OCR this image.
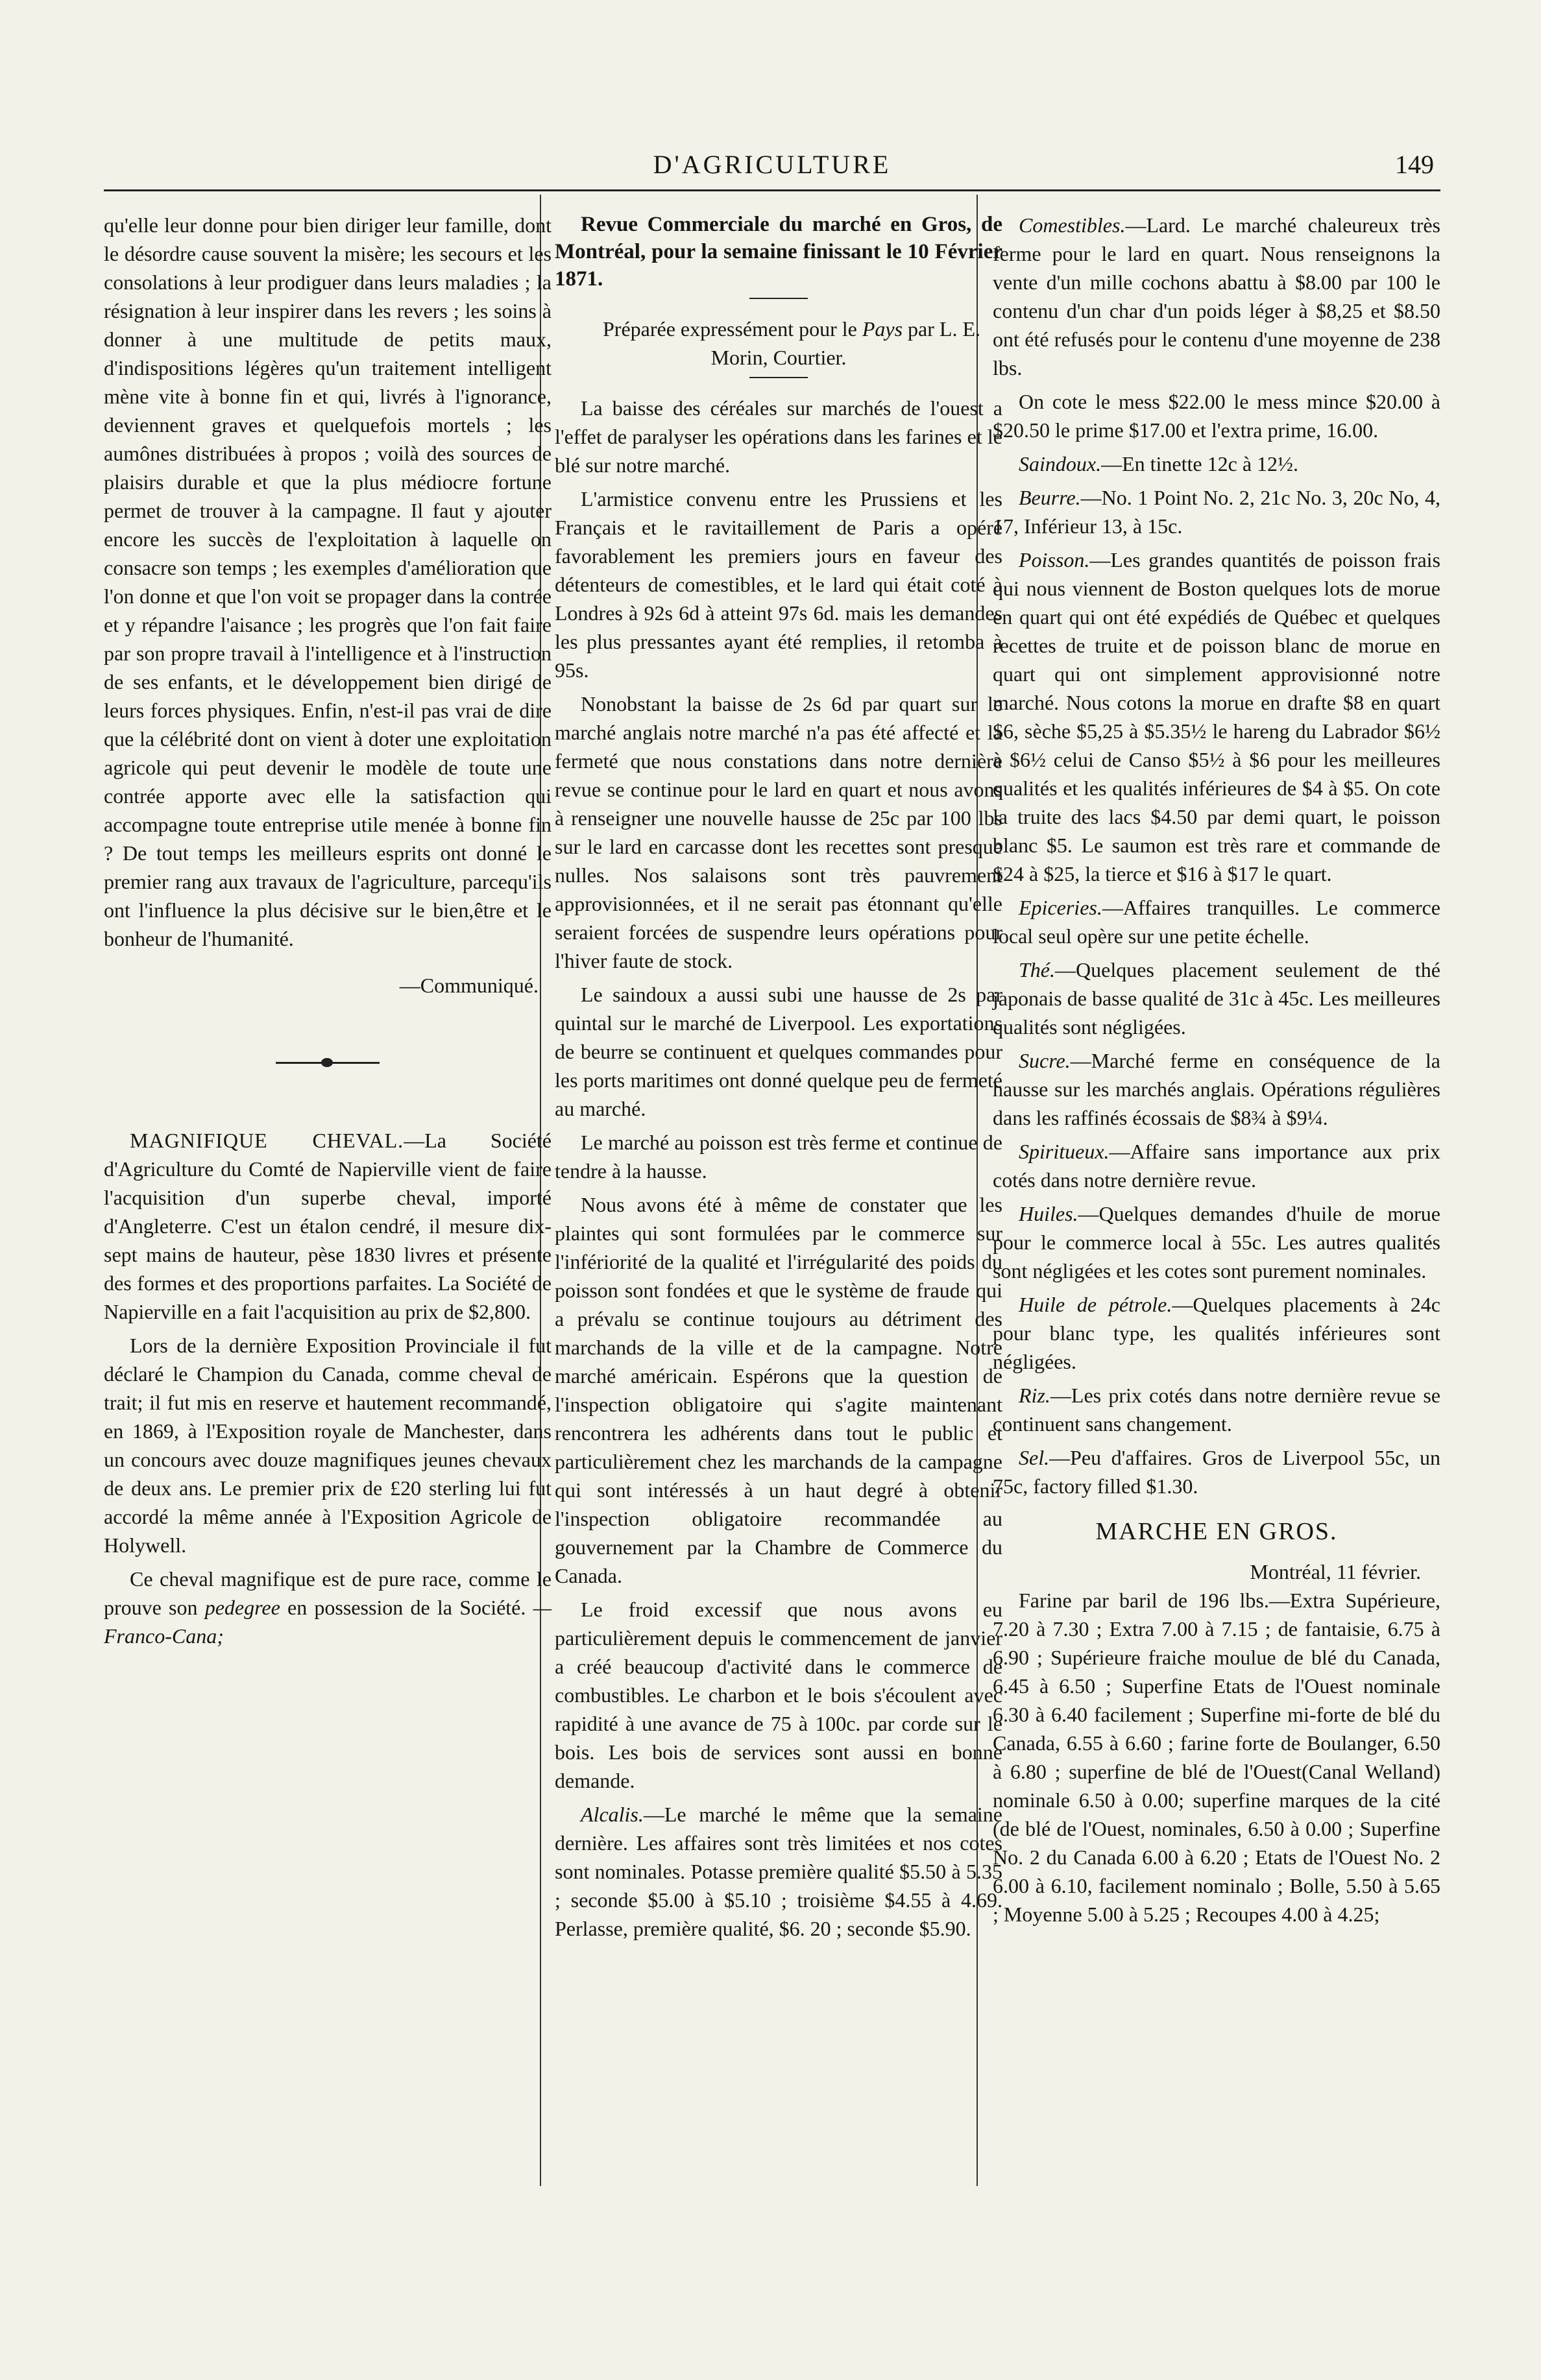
D'AGRICULTURE	149

qu'elle leur donne pour bien diriger leur famille, dont le désordre cause souvent la misère; les secours et les consolations à leur prodiguer dans leurs maladies ; la résignation à leur inspirer dans les revers ; les soins à donner à une multitude de petits maux, d'indispositions légères qu'un traitement intelligent mène vite à bonne fin et qui, livrés à l'ignorance, deviennent graves et quelquefois mortels ; les aumônes distribuées à propos ; voilà des sources de plaisirs durable et que la plus médiocre fortune permet de trouver à la campagne. Il faut y ajouter encore les succès de l'exploitation à laquelle on consacre son temps ; les exemples d'amélioration que l'on donne et que l'on voit se propager dans la contrée et y répandre l'aisance ; les progrès que l'on fait faire par son propre travail à l'intelligence et à l'instruction de ses enfants, et le développement bien dirigé de leurs forces physiques. Enfin, n'est-il pas vrai de dire que la célébrité dont on vient à doter une exploitation agricole qui peut devenir le modèle de toute une contrée apporte avec elle la satisfaction qui accompagne toute entreprise utile menée à bonne fin ? De tout temps les meilleurs esprits ont donné le premier rang aux travaux de l'agriculture, parcequ'ils ont l'influence la plus décisive sur le bien,être et le bonheur de l'humanité.

—Communiqué.

MAGNIFIQUE CHEVAL.—La Société d'Agriculture du Comté de Napierville vient de faire l'acquisition d'un superbe cheval, importé d'Angleterre. C'est un étalon cendré, il mesure dix-sept mains de hauteur, pèse 1830 livres et présente des formes et des proportions parfaites. La Société de Napierville en a fait l'acquisition au prix de $2,800.

Lors de la dernière Exposition Provinciale il fut déclaré le Champion du Canada, comme cheval de trait; il fut mis en reserve et hautement recommandé, en 1869, à l'Exposition royale de Manchester, dans un concours avec douze magnifiques jeunes chevaux de deux ans. Le premier prix de £20 sterling lui fut accordé la même année à l'Exposition Agricole de Holywell.

Ce cheval magnifique est de pure race, comme le prouve son pedegree en possession de la Société. —Franco-Cana;

Revue Commerciale du marché en Gros, de Montréal, pour la semaine finissant le 10 Février 1871.

Préparée expressément pour le Pays par L. E. Morin, Courtier.

La baisse des céréales sur marchés de l'ouest a l'effet de paralyser les opérations dans les farines et le blé sur notre marché.

L'armistice convenu entre les Prussiens et les Français et le ravitaillement de Paris a opéré favorablement les premiers jours en faveur des détenteurs de comestibles, et le lard qui était coté à Londres à 92s 6d à atteint 97s 6d. mais les demandes les plus pressantes ayant été remplies, il retomba à 95s.

Nonobstant la baisse de 2s 6d par quart sur le marché anglais notre marché n'a pas été affecté et la fermeté que nous constations dans notre dernière revue se continue pour le lard en quart et nous avons à renseigner une nouvelle hausse de 25c par 100 lbs sur le lard en carcasse dont les recettes sont presque nulles. Nos salaisons sont très pauvrement approvisionnées, et il ne serait pas étonnant qu'elle seraient forcées de suspendre leurs opérations pour l'hiver faute de stock.

Le saindoux a aussi subi une hausse de 2s par quintal sur le marché de Liverpool. Les exportations de beurre se continuent et quelques commandes pour les ports maritimes ont donné quelque peu de fermeté au marché.

Le marché au poisson est très ferme et continue de tendre à la hausse.

Nous avons été à même de constater que les plaintes qui sont formulées par le commerce sur l'infériorité de la qualité et l'irrégularité des poids du poisson sont fondées et que le système de fraude qui a prévalu se continue toujours au détriment des marchands de la ville et de la campagne. Notre marché américain. Espérons que la question de l'inspection obligatoire qui s'agite maintenant rencontrera les adhérents dans tout le public et particulièrement chez les marchands de la campagne qui sont intéressés à un haut degré à obtenir l'inspection obligatoire recommandée au gouvernement par la Chambre de Commerce du Canada.

Le froid excessif que nous avons eu particulièrement depuis le commencement de janvier a créé beaucoup d'activité dans le commerce de combustibles. Le charbon et le bois s'écoulent avec rapidité à une avance de 75 à 100c. par corde sur le bois. Les bois de services sont aussi en bonne demande.

Alcalis.—Le marché le même que la semaine dernière. Les affaires sont très limitées et nos cotes sont nominales. Potasse première qualité $5.50 à 5.35 ; seconde $5.00 à $5.10 ; troisième $4.55 à 4.69. Perlasse, première qualité, $6. 20 ; seconde $5.90.

Comestibles.—Lard. Le marché chaleureux très ferme pour le lard en quart. Nous renseignons la vente d'un mille cochons abattu à $8.00 par 100 le contenu d'un char d'un poids léger à $8,25 et $8.50 ont été refusés pour le contenu d'une moyenne de 238 lbs.

On cote le mess $22.00 le mess mince $20.00 à $20.50 le prime $17.00 et l'extra prime, 16.00.

Saindoux.—En tinette 12c à 12½.

Beurre.—No. 1 Point No. 2, 21c No. 3, 20c No, 4, 17, Inférieur 13, à 15c.

Poisson.—Les grandes quantités de poisson frais qui nous viennent de Boston quelques lots de morue en quart qui ont été expédiés de Québec et quelques recettes de truite et de poisson blanc de morue en quart qui ont simplement approvisionné notre marché. Nous cotons la morue en drafte $8 en quart $6, sèche $5,25 à $5.35½ le hareng du Labrador $6½ à $6½ celui de Canso $5½ à $6 pour les meilleures qualités et les qualités inférieures de $4 à $5. On cote la truite des lacs $4.50 par demi quart, le poisson blanc $5. Le saumon est très rare et commande de $24 à $25, la tierce et $16 à $17 le quart.

Epiceries.—Affaires tranquilles. Le commerce local seul opère sur une petite échelle.

Thé.—Quelques placement seulement de thé japonais de basse qualité de 31c à 45c. Les meilleures qualités sont négligées.

Sucre.—Marché ferme en conséquence de la hausse sur les marchés anglais. Opérations régulières dans les raffinés écossais de $8¾ à $9¼.

Spiritueux.—Affaire sans importance aux prix cotés dans notre dernière revue.

Huiles.—Quelques demandes d'huile de morue pour le commerce local à 55c. Les autres qualités sont négligées et les cotes sont purement nominales.

Huile de pétrole.—Quelques placements à 24c pour blanc type, les qualités inférieures sont négligées.

Riz.—Les prix cotés dans notre dernière revue se continuent sans changement.

Sel.—Peu d'affaires. Gros de Liverpool 55c, un 75c, factory filled $1.30.

MARCHE EN GROS.
Montréal, 11 février.

Farine par baril de 196 lbs.—Extra Supérieure, 7.20 à 7.30 ; Extra 7.00 à 7.15 ; de fantaisie, 6.75 à 6.90 ; Supérieure fraiche moulue de blé du Canada, 6.45 à 6.50 ; Superfine Etats de l'Ouest nominale 6.30 à 6.40 facilement ; Superfine mi-forte de blé du Canada, 6.55 à 6.60 ; farine forte de Boulanger, 6.50 à 6.80 ; superfine de blé de l'Ouest(Canal Welland) nominale 6.50 à 0.00; superfine marques de la cité (de blé de l'Ouest, nominales, 6.50 à 0.00 ; Superfine No. 2 du Canada 6.00 à 6.20 ; Etats de l'Ouest No. 2 6.00 à 6.10, facilement nominalo ; Bolle, 5.50 à 5.65 ; Moyenne 5.00 à 5.25 ; Recoupes 4.00 à 4.25;
